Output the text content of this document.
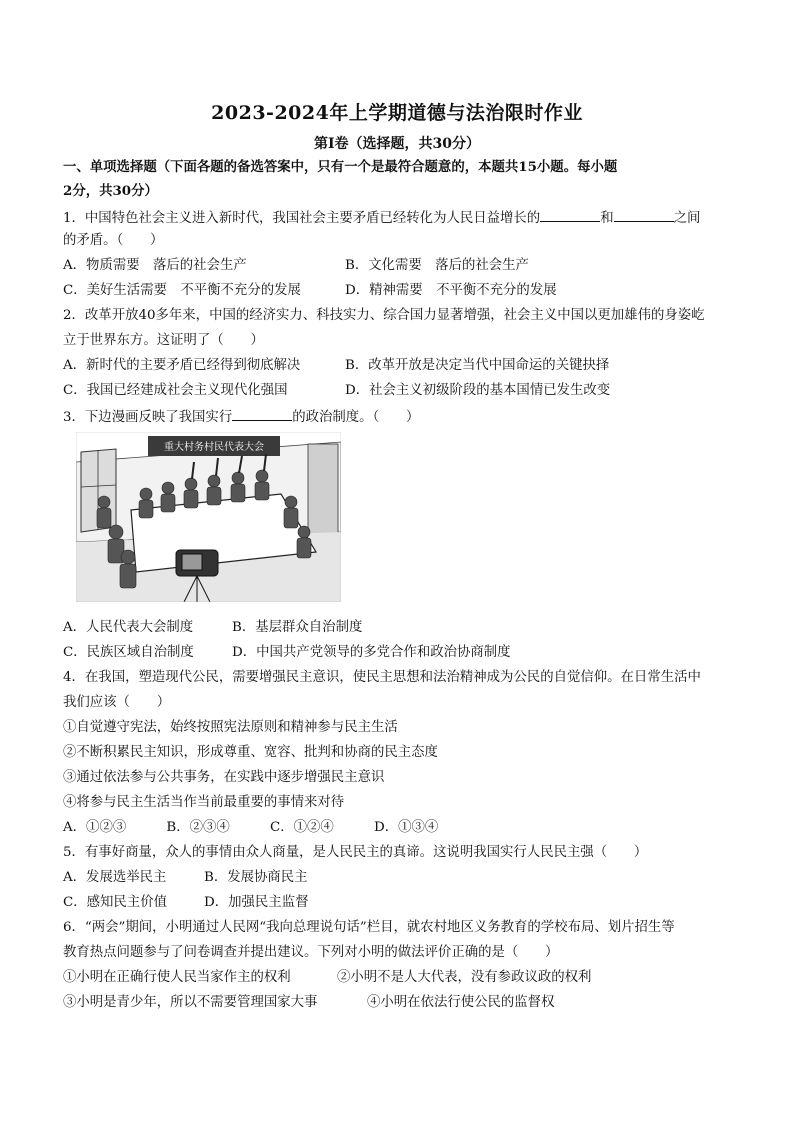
2023-2024年上学期道德与法治限时作业
第Ⅰ卷（选择题，共30分）
一、单项选择题（下面各题的备选答案中，只有一个是最符合题意的，本题共15小题。每小题
2分，共30分）
1．中国特色社会主义进入新时代，我国社会主要矛盾已经转化为人民日益增长的	和	之间
的矛盾。（　　）
A．物质需要　落后的社会生产	B．文化需要　落后的社会生产
C．美好生活需要　不平衡不充分的发展	D．精神需要　不平衡不充分的发展
2．改革开放40多年来，中国的经济实力、科技实力、综合国力显著增强，社会主义中国以更加雄伟的身姿屹
立于世界东方。这证明了（　　）
A．新时代的主要矛盾已经得到彻底解决	B．改革开放是决定当代中国命运的关键抉择
C．我国已经建成社会主义现代化强国	D．社会主义初级阶段的基本国情已发生改变
3．下边漫画反映了我国实行	的政治制度。（　　）
重大村务村民代表大会
A．人民代表大会制度	B．基层群众自治制度
C．民族区域自治制度	D．中国共产党领导的多党合作和政治协商制度
4．在我国，塑造现代公民，需要增强民主意识，使民主思想和法治精神成为公民的自觉信仰。在日常生活中
我们应该（　　）
①自觉遵守宪法，始终按照宪法原则和精神参与民主生活
②不断积累民主知识，形成尊重、宽容、批判和协商的民主态度
③通过依法参与公共事务，在实践中逐步增强民主意识
④将参与民主生活当作当前最重要的事情来对待
A．①②③　　　B．②③④　　　C．①②④　　　D．①③④
5．有事好商量，众人的事情由众人商量，是人民民主的真谛。这说明我国实行人民民主强（　　）
A．发展选举民主	B．发展协商民主
C．感知民主价值	D．加强民主监督
6．“两会”期间，小明通过人民网“我向总理说句话”栏目，就农村地区义务教育的学校布局、划片招生等
教育热点问题参与了问卷调查并提出建议。下列对小明的做法评价正确的是（　　）
①小明在正确行使人民当家作主的权利	②小明不是人大代表，没有参政议政的权利
③小明是青少年，所以不需要管理国家大事	④小明在依法行使公民的监督权
